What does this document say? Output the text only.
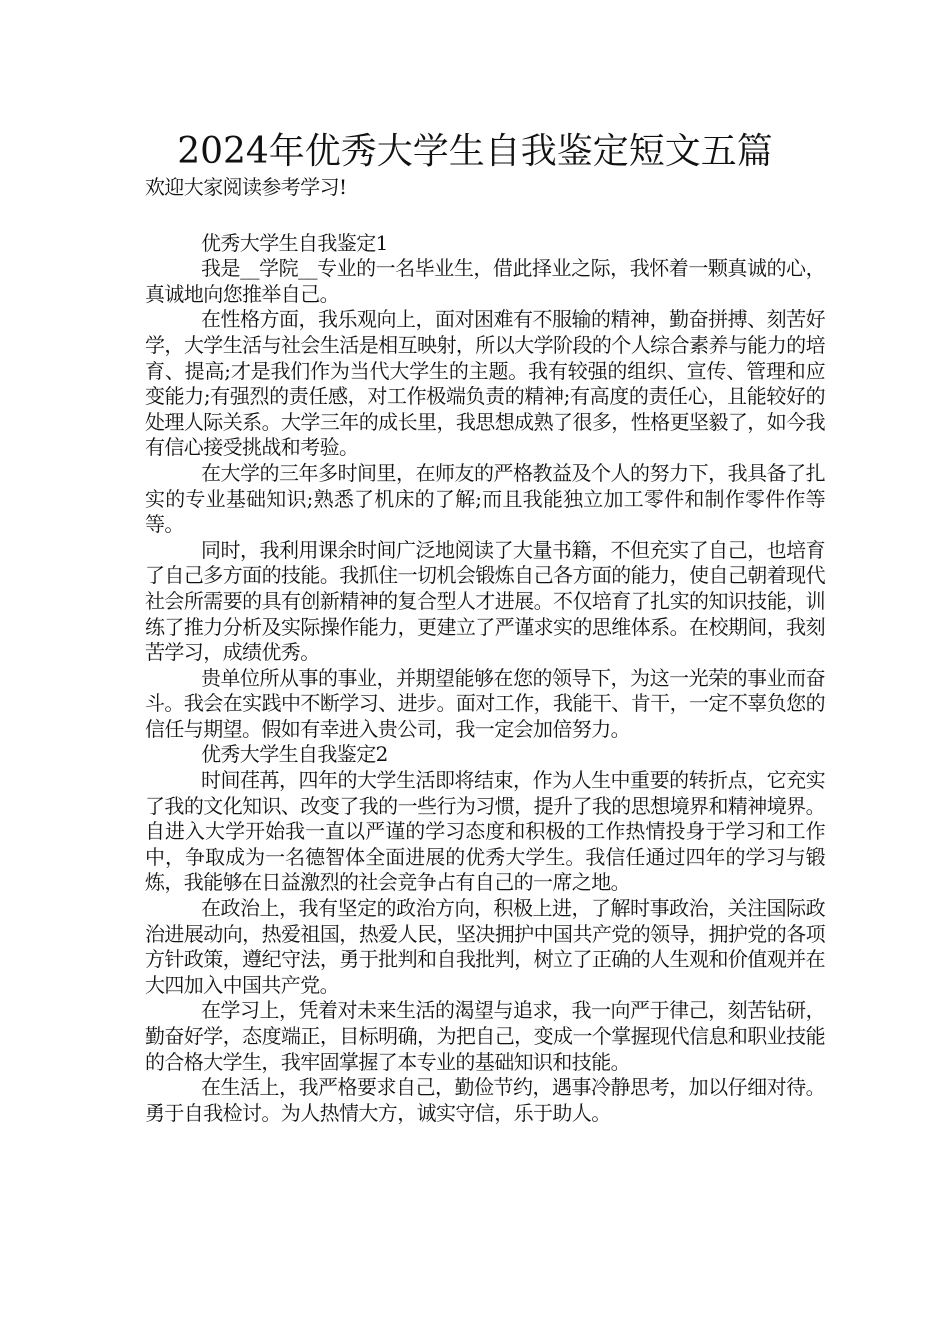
2024年优秀大学生自我鉴定短文五篇

欢迎大家阅读参考学习!

优秀大学生自我鉴定1

我是__学院__专业的一名毕业生，借此择业之际，我怀着一颗真诚的心，真诚地向您推举自己。

在性格方面，我乐观向上，面对困难有不服输的精神，勤奋拼搏、刻苦好学，大学生活与社会生活是相互映射，所以大学阶段的个人综合素养与能力的培育、提高;才是我们作为当代大学生的主题。我有较强的组织、宣传、管理和应变能力;有强烈的责任感，对工作极端负责的精神;有高度的责任心，且能较好的处理人际关系。大学三年的成长里，我思想成熟了很多，性格更坚毅了，如今我有信心接受挑战和考验。

在大学的三年多时间里，在师友的严格教益及个人的努力下，我具备了扎实的专业基础知识;熟悉了机床的了解;而且我能独立加工零件和制作零件作等等。

同时，我利用课余时间广泛地阅读了大量书籍，不但充实了自己，也培育了自己多方面的技能。我抓住一切机会锻炼自己各方面的能力，使自己朝着现代社会所需要的具有创新精神的复合型人才进展。不仅培育了扎实的知识技能，训练了推力分析及实际操作能力，更建立了严谨求实的思维体系。在校期间，我刻苦学习，成绩优秀。

贵单位所从事的事业，并期望能够在您的领导下，为这一光荣的事业而奋斗。我会在实践中不断学习、进步。面对工作，我能干、肯干，一定不辜负您的信任与期望。假如有幸进入贵公司，我一定会加倍努力。

优秀大学生自我鉴定2

时间荏苒，四年的大学生活即将结束，作为人生中重要的转折点，它充实了我的文化知识、改变了我的一些行为习惯，提升了我的思想境界和精神境界。自进入大学开始我一直以严谨的学习态度和积极的工作热情投身于学习和工作中，争取成为一名德智体全面进展的优秀大学生。我信任通过四年的学习与锻炼，我能够在日益激烈的社会竞争占有自己的一席之地。

在政治上，我有坚定的政治方向，积极上进，了解时事政治，关注国际政治进展动向，热爱祖国，热爱人民，坚决拥护中国共产党的领导，拥护党的各项方针政策，遵纪守法，勇于批判和自我批判，树立了正确的人生观和价值观并在大四加入中国共产党。

在学习上，凭着对未来生活的渴望与追求，我一向严于律己，刻苦钻研，勤奋好学，态度端正，目标明确，为把自己，变成一个掌握现代信息和职业技能的合格大学生，我牢固掌握了本专业的基础知识和技能。

在生活上，我严格要求自己，勤俭节约，遇事冷静思考，加以仔细对待。勇于自我检讨。为人热情大方，诚实守信，乐于助人。
